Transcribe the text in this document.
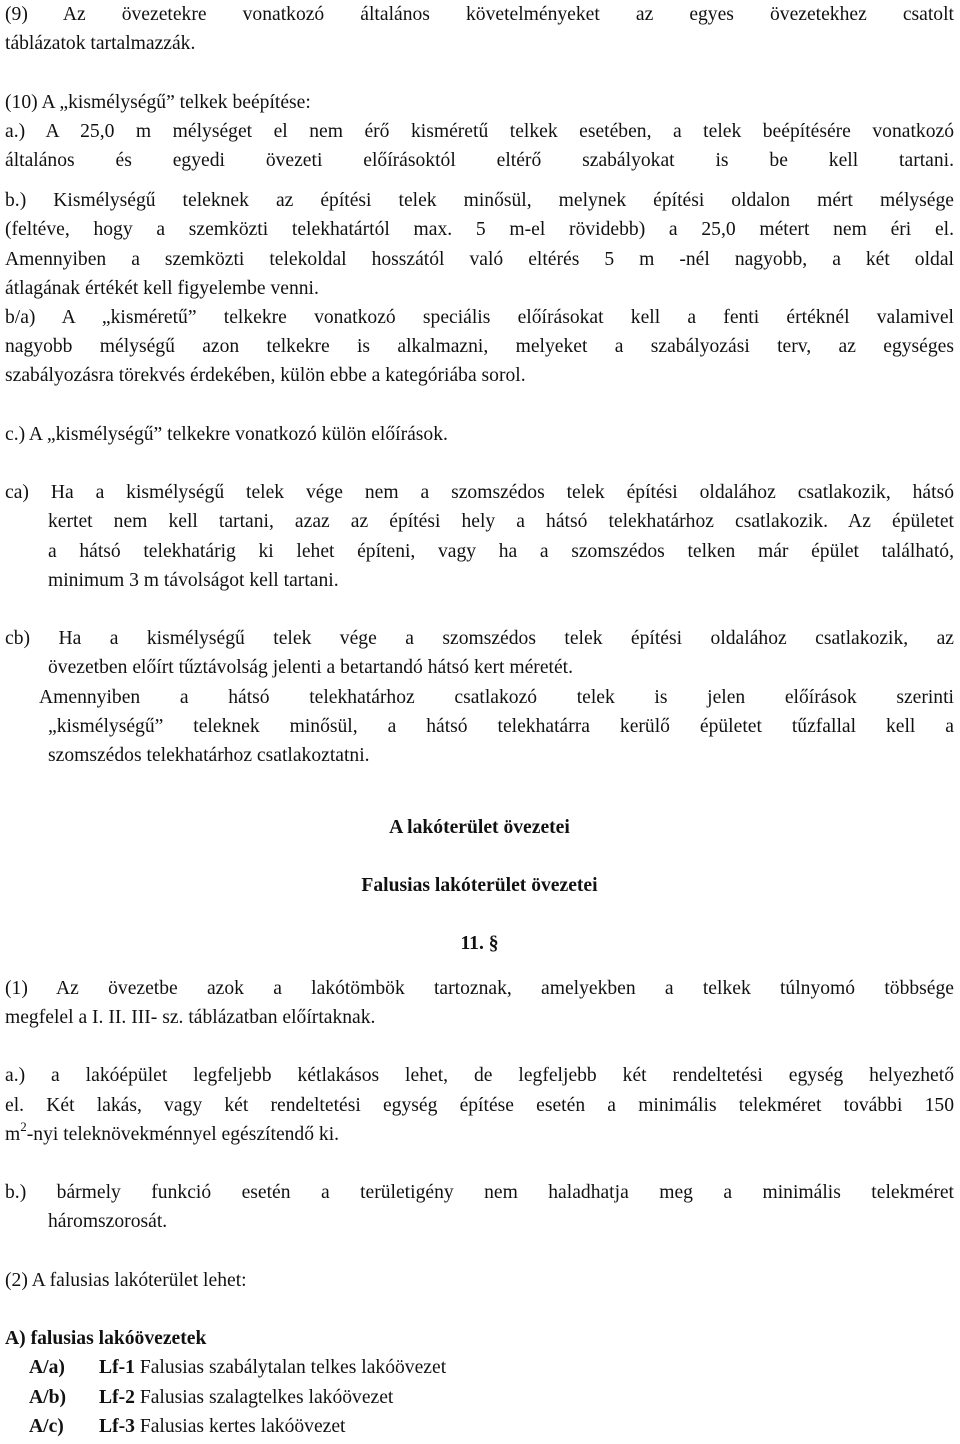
(9) Az övezetekre vonatkozó általános követelményeket az egyes övezetekhez csatolt

táblázatok tartalmazzák.

(10) A „kismélységű” telkek beépítése:

a.) A 25,0 m mélységet el nem érő kisméretű telkek esetében, a telek beépítésére vonatkozó

általános és egyedi övezeti előírásoktól eltérő szabályokat is be kell tartani.

b.) Kismélységű teleknek az építési telek minősül, melynek építési oldalon mért mélysége

(feltéve, hogy a szemközti telekhatártól max. 5 m-el rövidebb) a 25,0 métert nem éri el.

Amennyiben a szemközti telekoldal hosszától való eltérés 5 m -nél nagyobb, a két oldal

átlagának értékét kell figyelembe venni.

b/a) A „kisméretű” telkekre vonatkozó speciális előírásokat kell a fenti értéknél valamivel

nagyobb mélységű azon telkekre is alkalmazni, melyeket a szabályozási terv, az egységes

szabályozásra törekvés érdekében, külön ebbe a kategóriába sorol.

c.) A „kismélységű” telkekre vonatkozó külön előírások.

ca) Ha a kismélységű telek vége nem a szomszédos telek építési oldalához csatlakozik, hátsó

kertet nem kell tartani, azaz az építési hely a hátsó telekhatárhoz csatlakozik. Az épületet

a hátsó telekhatárig ki lehet építeni, vagy ha a szomszédos telken már épület található,

minimum 3 m távolságot kell tartani.

cb) Ha a kismélységű telek vége a szomszédos telek építési oldalához csatlakozik, az

övezetben előírt tűztávolság jelenti a betartandó hátsó kert méretét.

Amennyiben a hátsó telekhatárhoz csatlakozó telek is jelen előírások szerinti

„kismélységű” teleknek minősül, a hátsó telekhatárra kerülő épületet tűzfallal kell a

szomszédos telekhatárhoz csatlakoztatni.

A lakóterület övezetei

Falusias lakóterület övezetei

11. §

(1) Az övezetbe azok a lakótömbök tartoznak, amelyekben a telkek túlnyomó többsége

megfelel a I. II. III- sz. táblázatban előírtaknak.

a.) a lakóépület legfeljebb kétlakásos lehet, de legfeljebb két rendeltetési egység helyezhető

el. Két lakás, vagy két rendeltetési egység építése esetén a minimális telekméret további 150

$m^2$-nyi teleknövekménnyel egészítendő ki.

b.) bármely funkció esetén a területigény nem haladhatja meg a minimális telekméret

háromszorosát.

(2) A falusias lakóterület lehet:

A) falusias lakóövezetek

A/a) Lf-1 Falusias szabálytalan telkes lakóövezet

A/b) Lf-2 Falusias szalagtelkes lakóövezet

A/c) Lf-3 Falusias kertes lakóövezet
